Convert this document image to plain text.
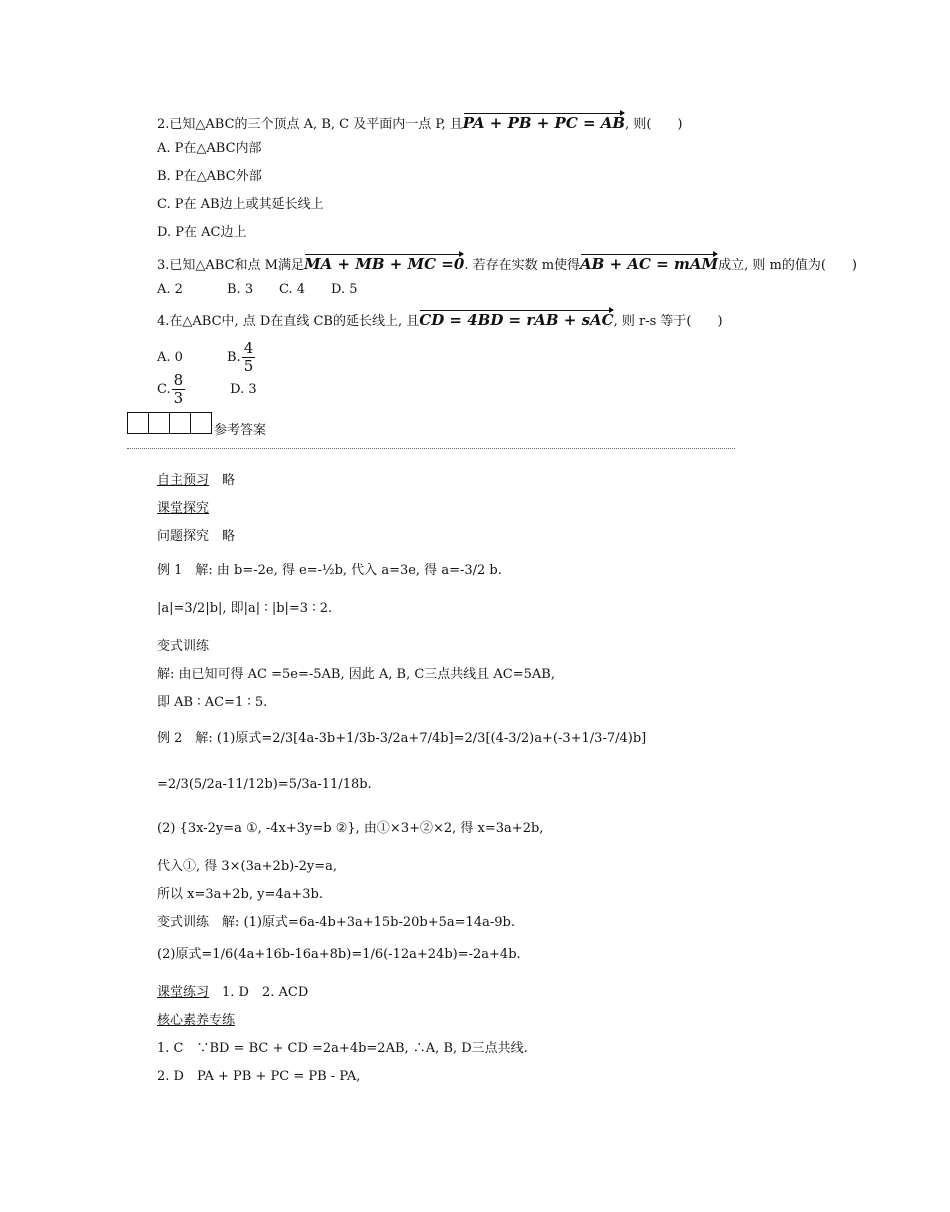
2.已知△ABC的三个顶点 A, B, C 及平面内一点 P, 且PA + PB + PC = AB, 则(　　)
A. P在△ABC内部
B. P在△ABC外部
C. P在 AB边上或其延长线上
D. P在 AC边上
3.已知△ABC和点 M满足MA + MB + MC =0. 若存在实数 m使得AB + AC = mAM成立, 则 m的值为(　　)
A. 2	B. 3 C. 4 D. 5
4.在△ABC中, 点 D在直线 CB的延长线上, 且CD = 4BD = rAB + sAC, 则 r-s 等于(　　)
A. 0	B. $\frac{4}{5}$
C. $\frac{8}{3}$	D. 3
参考答案
自主预习　略
课堂探究
问题探究　略
例 1　解: 由 b=-2e, 得 e=-½b, 代入 a=3e, 得 a=-3/2 b.
|a|=3/2|b|, 即|a| ∶ |b|=3 ∶ 2.
变式训练
解: 由已知可得 AC =5e=-5AB, 因此 A, B, C三点共线且 AC=5AB,
即 AB ∶ AC=1 ∶ 5.
例 2　解: (1)原式=2/3[4a-3b+1/3b-3/2a+7/4b]=2/3[(4-3/2)a+(-3+1/3-7/4)b]
=2/3(5/2a-11/12b)=5/3a-11/18b.
(2) {3x-2y=a ①, -4x+3y=b ②}, 由①×3+②×2, 得 x=3a+2b,
代入①, 得 3×(3a+2b)-2y=a,
所以 x=3a+2b, y=4a+3b.
变式训练　解: (1)原式=6a-4b+3a+15b-20b+5a=14a-9b.
(2)原式=1/6(4a+16b-16a+8b)=1/6(-12a+24b)=-2a+4b.
课堂练习　1. D　2. ACD
核心素养专练
1. C　∵BD = BC + CD =2a+4b=2AB, ∴A, B, D三点共线.
2. D　PA + PB + PC = PB - PA,
